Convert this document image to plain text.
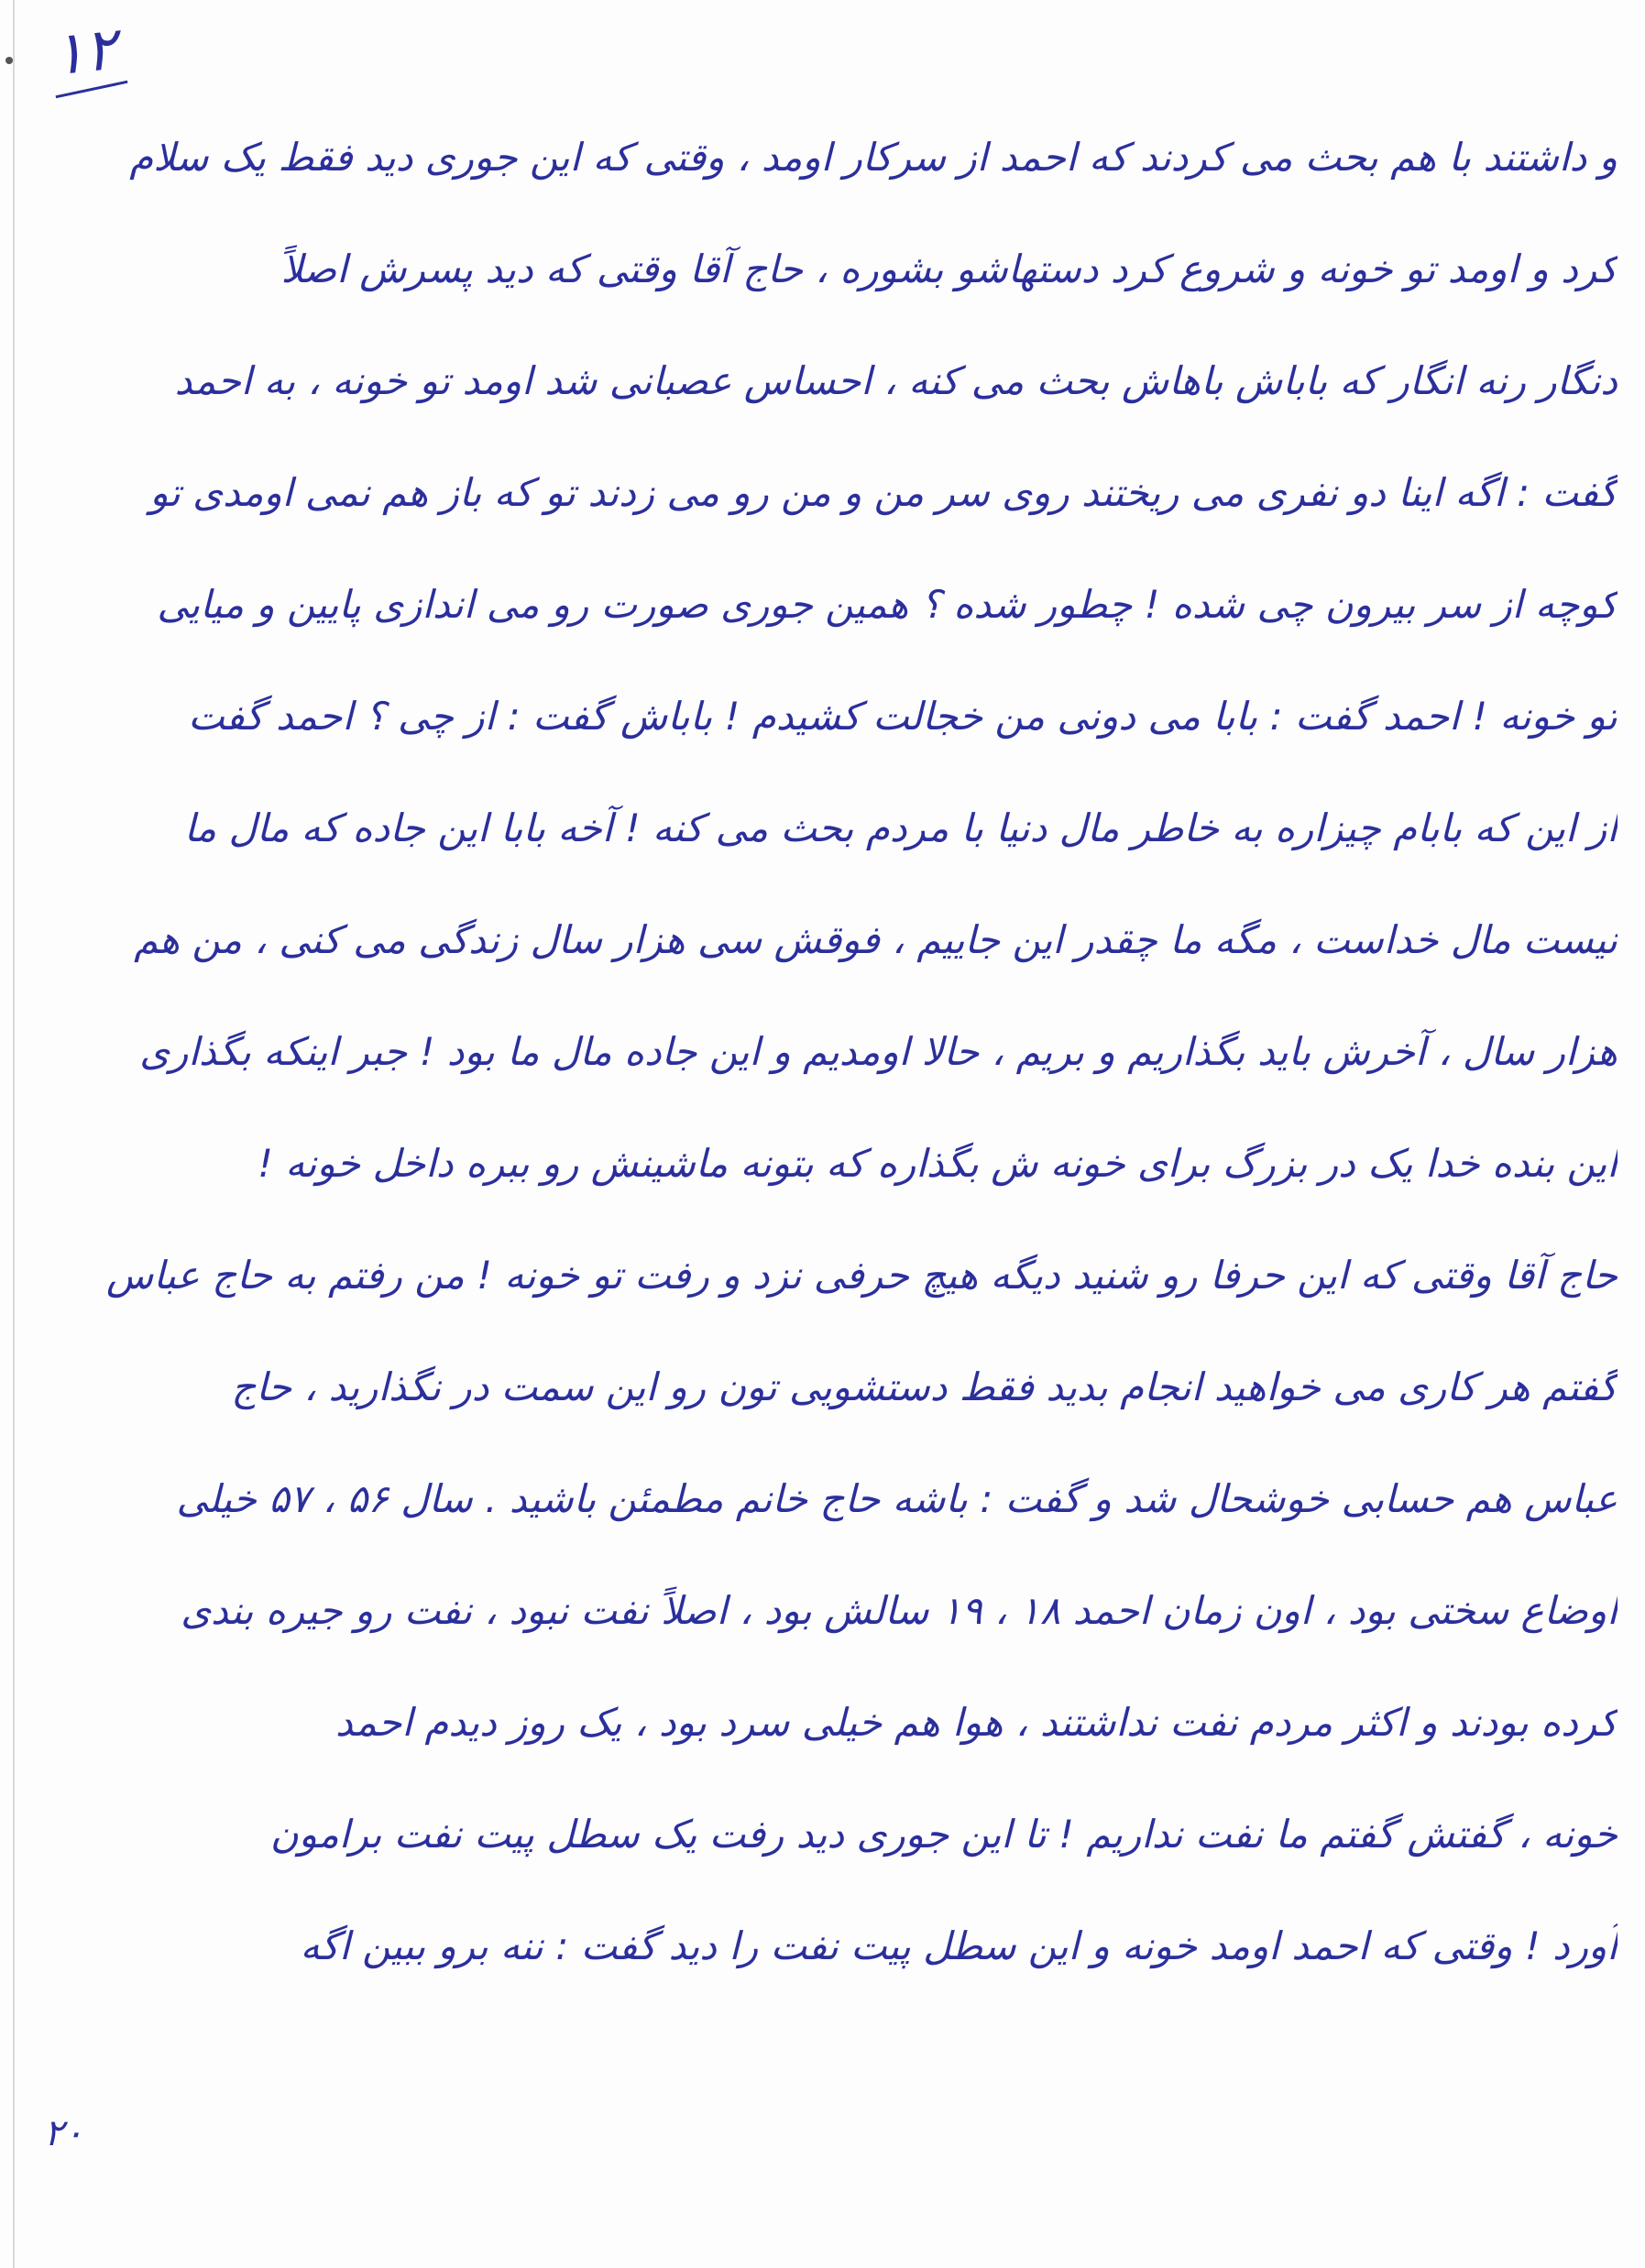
۱۲
و داشتند با هم بحث می کردند که احمد از سرکار اومد ، وقتی که این جوری دید فقط یک سلام
کرد و اومد تو خونه و شروع کرد دستهاشو بشوره ، حاج آقا وقتی که دید پسرش اصلاً
دنگار رنه انگار که باباش باهاش بحث می کنه ، احساس عصبانی شد اومد تو خونه ، به احمد
گفت : اگه اینا دو نفری می ریختند روی سر من و من رو می زدند تو که باز هم نمی اومدی تو
کوچه از سر بیرون چی شده ! چطور شده ؟ همین جوری صورت رو می اندازی پایین و میایی
تو خونه ! احمد گفت : بابا می دونی من خجالت کشیدم ! باباش گفت : از چی ؟ احمد گفت
از این که بابام چیزاره به خاطر مال دنیا با مردم بحث می کنه ! آخه بابا این جاده که مال ما
نیست مال خداست ، مگه ما چقدر این جاییم ، فوقش سی هزار سال زندگی می کنی ، من هم
هزار سال ، آخرش باید بگذاریم و بریم ، حالا اومدیم و این جاده مال ما بود ! جبر اینکه بگذاری
این بنده خدا یک در بزرگ برای خونه ش بگذاره که بتونه ماشینش رو ببره داخل خونه !
حاج آقا وقتی که این حرفا رو شنید دیگه هیچ حرفی نزد و رفت تو خونه ! من رفتم به حاج عباس
گفتم هر کاری می خواهید انجام بدید فقط دستشویی تون رو این سمت در نگذارید ، حاج
عباس هم حسابی خوشحال شد و گفت : باشه حاج خانم مطمئن باشید . سال ۵۶ ، ۵۷ خیلی
اوضاع سختی بود ، اون زمان احمد ۱۸ ، ۱۹ سالش بود ، اصلاً نفت نبود ، نفت رو جیره بندی
کرده بودند و اکثر مردم نفت نداشتند ، هوا هم خیلی سرد بود ، یک روز دیدم احمد
خونه ، گفتش گفتم ما نفت نداریم ! تا این جوری دید رفت یک سطل پیت نفت برامون
آورد ! وقتی که احمد اومد خونه و این سطل پیت نفت را دید گفت : ننه برو ببین اگه
۲۰
